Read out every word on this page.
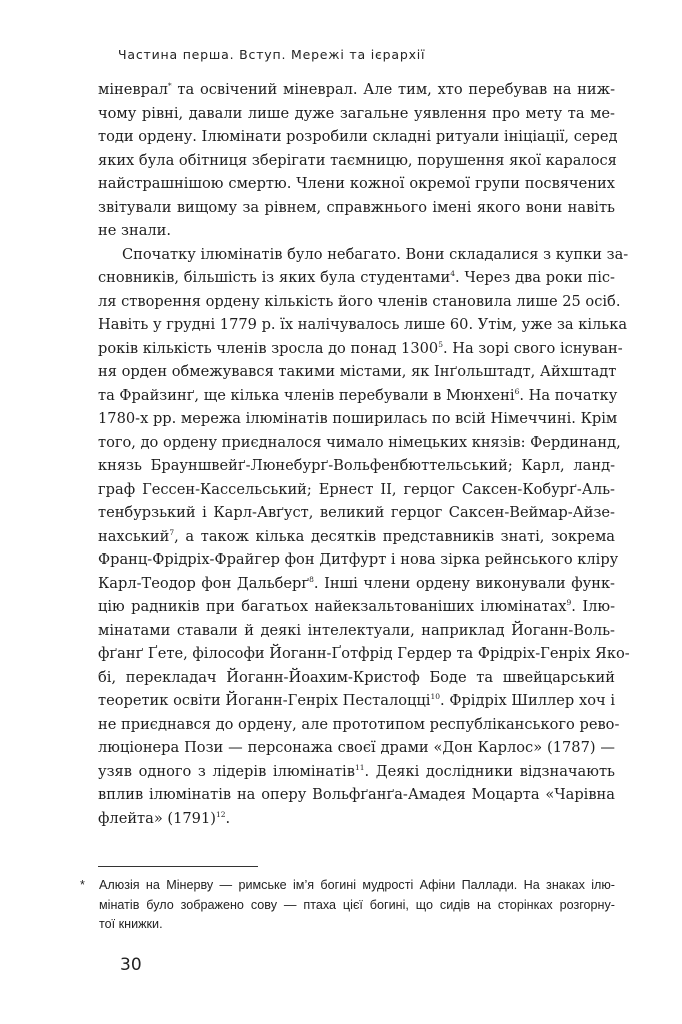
Частина перша. Вступ. Мережі та ієрархії
міневрал* та освічений міневрал. Але тим, хто перебував на ниж-
чому рівні, давали лише дуже загальне уявлення про мету та ме-
тоди ордену. Ілюмінати розробили складні ритуали ініціації, серед
яких була обітниця зберігати таємницю, порушення якої каралося
найстрашнішою смертю. Члени кожної окремої групи посвячених
звітували вищому за рівнем, справжнього імені якого вони навіть
не знали.
Спочатку ілюмінатів було небагато. Вони складалися з купки за-
сновників, більшість із яких була студентами$^4$. Через два роки піс-
ля створення ордену кількість його членів становила лише 25 осіб.
Навіть у грудні 1779 р. їх налічувалось лише 60. Утім, уже за кілька
років кількість членів зросла до понад 1300$^5$. На зорі свого існуван-
ня орден обмежувався такими містами, як Інґольштадт, Айхштадт
та Фрайзинґ, ще кілька членів перебували в Мюнхені$^6$. На початку
1780-х рр. мережа ілюмінатів поширилась по всій Німеччині. Крім
того, до ордену приєдналося чимало німецьких князів: Фердинанд,
князь Брауншвейґ-Люнебурґ-Вольфенбюттельський; Карл, ланд-
граф Гессен-Кассельський; Ернест II, герцог Саксен-Кобурґ-Аль-
тенбурзький і Карл-Авґуст, великий герцог Саксен-Веймар-Айзе-
нахський$^7$, а також кілька десятків представників знаті, зокрема
Франц-Фрідріх-Фрайгер фон Дитфурт і нова зірка рейнського кліру
Карл-Теодор фон Дальберґ$^8$. Інші члени ордену виконували функ-
цію радників при багатьох найекзальтованіших ілюмінатах$^9$. Ілю-
мінатами ставали й деякі інтелектуали, наприклад Йоганн-Воль-
фґанґ Ґете, філософи Йоганн-Ґотфрід Гердер та Фрідріх-Генріх Яко-
бі, перекладач Йоганн-Йоахим-Кристоф Боде та швейцарський
теоретик освіти Йоганн-Генріх Песталоцці$^{10}$. Фрідріх Шиллер хоч і
не приєднався до ордену, але прототипом республіканського рево-
люціонера Пози — персонажа своєї драми «Дон Карлос» (1787) —
узяв одного з лідерів ілюмінатів$^{11}$. Деякі дослідники відзначають
вплив ілюмінатів на оперу Вольфґанґа-Амадея Моцарта «Чарівна
флейта» $(1791)^{12}$.
* Алюзія на Мінерву — римське ім’я богині мудрості Афіни Паллади. На знаках ілю-
мінатів було зображено сову — птаха цієї богині, що сидів на сторінках розгорну-
тої книжки.
30
